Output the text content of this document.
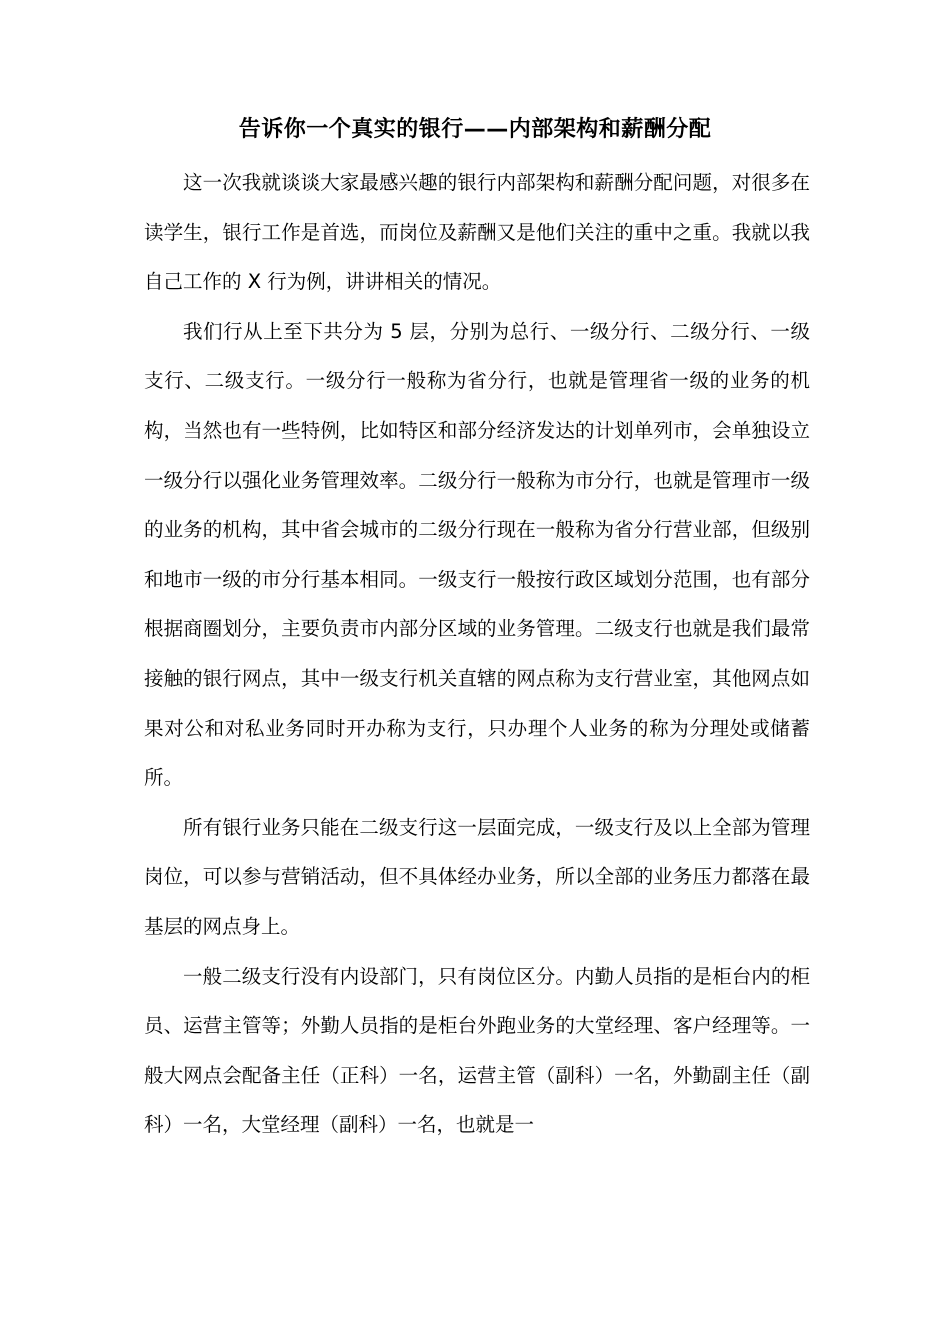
告诉你一个真实的银行——内部架构和薪酬分配

这一次我就谈谈大家最感兴趣的银行内部架构和薪酬分配问题，对很多在读学生，银行工作是首选，而岗位及薪酬又是他们关注的重中之重。我就以我自己工作的 X 行为例，讲讲相关的情况。

我们行从上至下共分为 5 层，分别为总行、一级分行、二级分行、一级支行、二级支行。一级分行一般称为省分行，也就是管理省一级的业务的机构，当然也有一些特例，比如特区和部分经济发达的计划单列市，会单独设立一级分行以强化业务管理效率。二级分行一般称为市分行，也就是管理市一级的业务的机构，其中省会城市的二级分行现在一般称为省分行营业部，但级别和地市一级的市分行基本相同。一级支行一般按行政区域划分范围，也有部分根据商圈划分，主要负责市内部分区域的业务管理。二级支行也就是我们最常接触的银行网点，其中一级支行机关直辖的网点称为支行营业室，其他网点如果对公和对私业务同时开办称为支行，只办理个人业务的称为分理处或储蓄所。

所有银行业务只能在二级支行这一层面完成，一级支行及以上全部为管理岗位，可以参与营销活动，但不具体经办业务，所以全部的业务压力都落在最基层的网点身上。

一般二级支行没有内设部门，只有岗位区分。内勤人员指的是柜台内的柜员、运营主管等；外勤人员指的是柜台外跑业务的大堂经理、客户经理等。一般大网点会配备主任（正科）一名，运营主管（副科）一名，外勤副主任（副科）一名，大堂经理（副科）一名，也就是一
